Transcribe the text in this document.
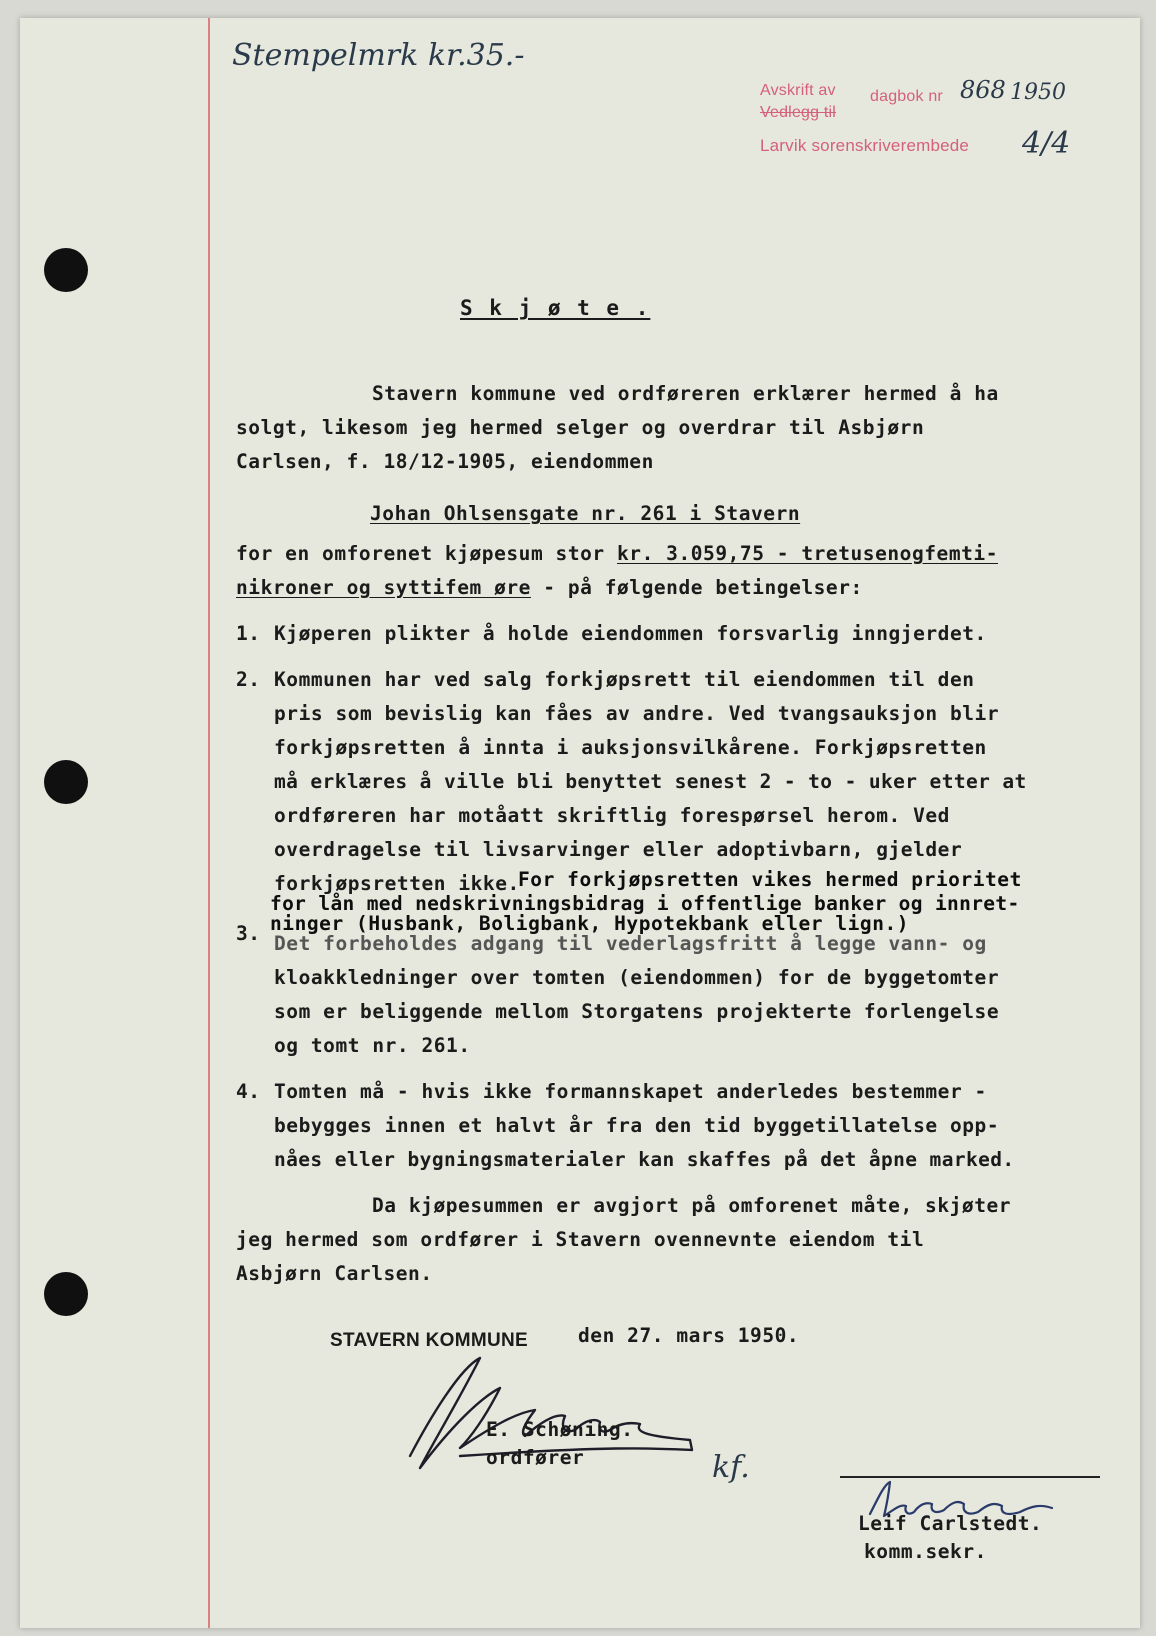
Stempelmrk kr.35.-
Avskrift av dagbok nr 868 1950
Vedlegg til
Larvik sorenskriverembede 4/4
S k j ø t e .
Stavern kommune ved ordføreren erklærer hermed å ha
solgt, likesom jeg hermed selger og overdrar til Asbjørn
Carlsen, f. 18/12-1905, eiendommen
Johan Ohlsensgate nr. 261 i Stavern
for en omforenet kjøpesum stor kr. 3.059,75 - tretusenogfemti-
nikroner og syttifem øre - på følgende betingelser:
1. Kjøperen plikter å holde eiendommen forsvarlig inngjerdet.
2. Kommunen har ved salg forkjøpsrett til eiendommen til den
pris som bevislig kan fåes av andre. Ved tvangsauksjon blir
forkjøpsretten å innta i auksjonsvilkårene. Forkjøpsretten
må erklæres å ville bli benyttet senest 2 - to - uker etter at
ordføreren har motåatt skriftlig forespørsel herom. Ved
overdragelse til livsarvinger eller adoptivbarn, gjelder
forkjøpsretten ikke.
For forkjøpsretten vikes hermed prioritet
for lån med nedskrivningsbidrag i offentlige banker og innret-
ninger (Husbank, Boligbank, Hypotekbank eller lign.)
3. Det forbeholdes adgang til vederlagsfritt å legge vann- og
kloakkledninger over tomten (eiendommen) for de byggetomter
som er beliggende mellom Storgatens projekterte forlengelse
og tomt nr. 261.
4. Tomten må - hvis ikke formannskapet anderledes bestemmer -
bebygges innen et halvt år fra den tid byggetillatelse opp-
nåes eller bygningsmaterialer kan skaffes på det åpne marked.
Da kjøpesummen er avgjort på omforenet måte, skjøter
jeg hermed som ordfører i Stavern ovennevnte eiendom til
Asbjørn Carlsen.
STAVERN KOMMUNE	den 27. mars 1950.
E. Schøning.
ordfører	kf.
Leif Carlstedt.
komm.sekr.
